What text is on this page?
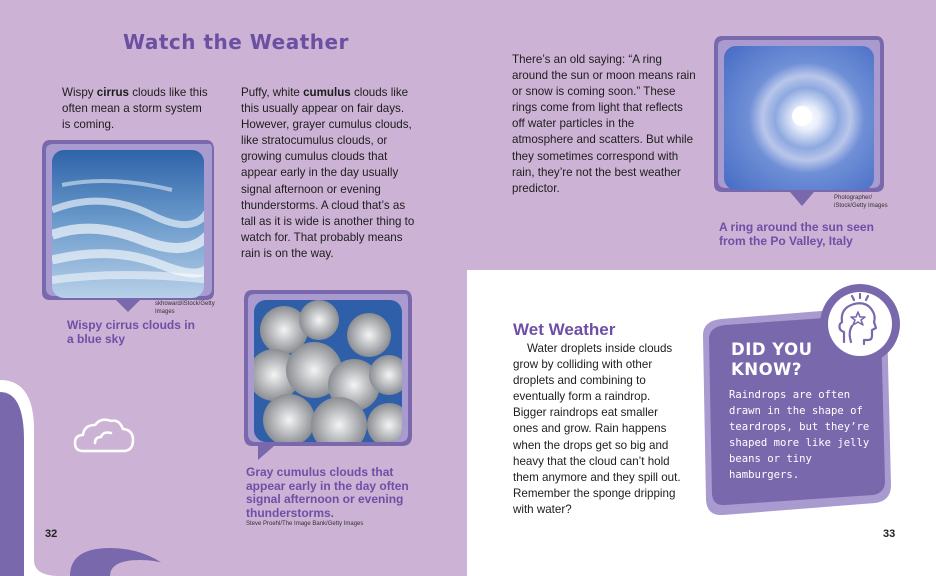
Watch the Weather
Wispy cirrus clouds like this often mean a storm system is coming.
Puffy, white cumulus clouds like this usually appear on fair days. However, grayer cumulus clouds, like stratocumulus clouds, or growing cumulus clouds that appear early in the day usually signal afternoon or evening thunderstorms. A cloud that’s as tall as it is wide is another thing to watch for. That probably means rain is on the way.
skhoward/iStock/Getty Images
Wispy cirrus clouds in a blue sky
Gray cumulus clouds that appear early in the day often signal afternoon or evening thunderstorms.
Steve Proehl/The Image Bank/Getty Images
32
There’s an old saying: “A ring around the sun or moon means rain or snow is coming soon.” These rings come from light that reflects off water particles in the atmosphere and scatters. But while they sometimes correspond with rain, they’re not the best weather predictor.
Photographer/ iStock/Getty Images
A ring around the sun seen from the Po Valley, Italy
Wet Weather
Water droplets inside clouds grow by colliding with other droplets and combining to eventually form a raindrop. Bigger raindrops eat smaller ones and grow. Rain happens when the drops get so big and heavy that the cloud can’t hold them anymore and they spill out. Remember the sponge dripping with water?
DID YOU
KNOW?
Raindrops are often drawn in the shape of teardrops, but they’re shaped more like jelly beans or tiny hamburgers.
33
